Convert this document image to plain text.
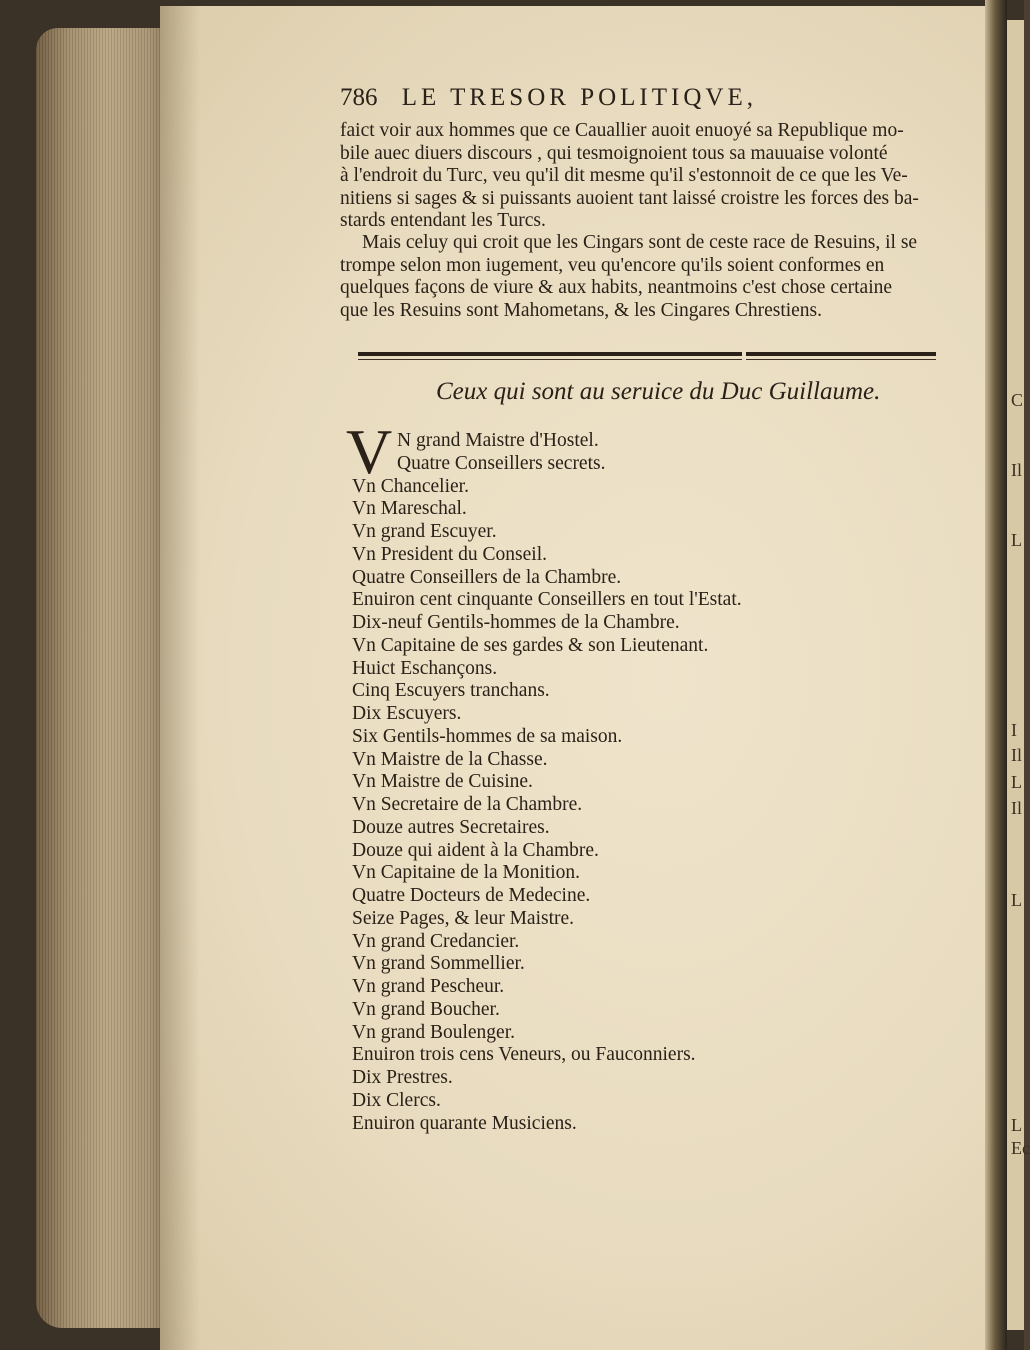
C
Il
L
I
Il
L
Il
L
L
Ec
786 LE TRESOR POLITIQVE,
faict voir aux hommes que ce Cauallier auoit enuoyé sa Republique mo-
bile auec diuers discours , qui tesmoignoient tous sa mauuaise volonté
à l'endroit du Turc, veu qu'il dit mesme qu'il s'estonnoit de ce que les Ve-
nitiens si sages & si puissants auoient tant laissé croistre les forces des ba-
stards entendant les Turcs.
Mais celuy qui croit que les Cingars sont de ceste race de Resuins, il se
trompe selon mon iugement, veu qu'encore qu'ils soient conformes en
quelques façons de viure & aux habits, neantmoins c'est chose certaine
que les Resuins sont Mahometans, & les Cingares Chrestiens.
Ceux qui sont au seruice du Duc Guillaume.
V N grand Maistre d'Hostel.
Quatre Conseillers secrets.
Vn Chancelier.
Vn Mareschal.
Vn grand Escuyer.
Vn President du Conseil.
Quatre Conseillers de la Chambre.
Enuiron cent cinquante Conseillers en tout l'Estat.
Dix-neuf Gentils-hommes de la Chambre.
Vn Capitaine de ses gardes & son Lieutenant.
Huict Eschançons.
Cinq Escuyers tranchans.
Dix Escuyers.
Six Gentils-hommes de sa maison.
Vn Maistre de la Chasse.
Vn Maistre de Cuisine.
Vn Secretaire de la Chambre.
Douze autres Secretaires.
Douze qui aident à la Chambre.
Vn Capitaine de la Monition.
Quatre Docteurs de Medecine.
Seize Pages, & leur Maistre.
Vn grand Credancier.
Vn grand Sommellier.
Vn grand Pescheur.
Vn grand Boucher.
Vn grand Boulenger.
Enuiron trois cens Veneurs, ou Fauconniers.
Dix Prestres.
Dix Clercs.
Enuiron quarante Musiciens.
